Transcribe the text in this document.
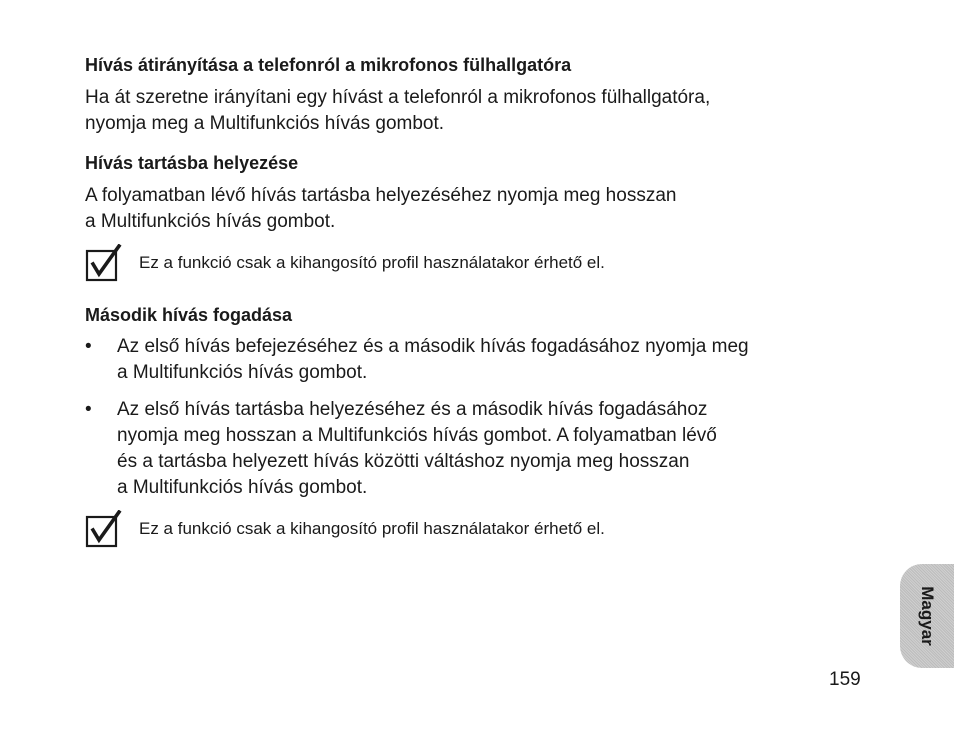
Hívás átirányítása a telefonról a mikrofonos fülhallgatóra
Ha át szeretne irányítani egy hívást a telefonról a mikrofonos fülhallgatóra,
nyomja meg a Multifunkciós hívás gombot.
Hívás tartásba helyezése
A folyamatban lévő hívás tartásba helyezéséhez nyomja meg hosszan
a Multifunkciós hívás gombot.
Ez a funkció csak a kihangosító profil használatakor érhető el.
Második hívás fogadása
•	Az első hívás befejezéséhez és a második hívás fogadásához nyomja meg
a Multifunkciós hívás gombot.
•	Az első hívás tartásba helyezéséhez és a második hívás fogadásához
nyomja meg hosszan a Multifunkciós hívás gombot. A folyamatban lévő
és a tartásba helyezett hívás közötti váltáshoz nyomja meg hosszan
a Multifunkciós hívás gombot.
Ez a funkció csak a kihangosító profil használatakor érhető el.
Magyar
159
